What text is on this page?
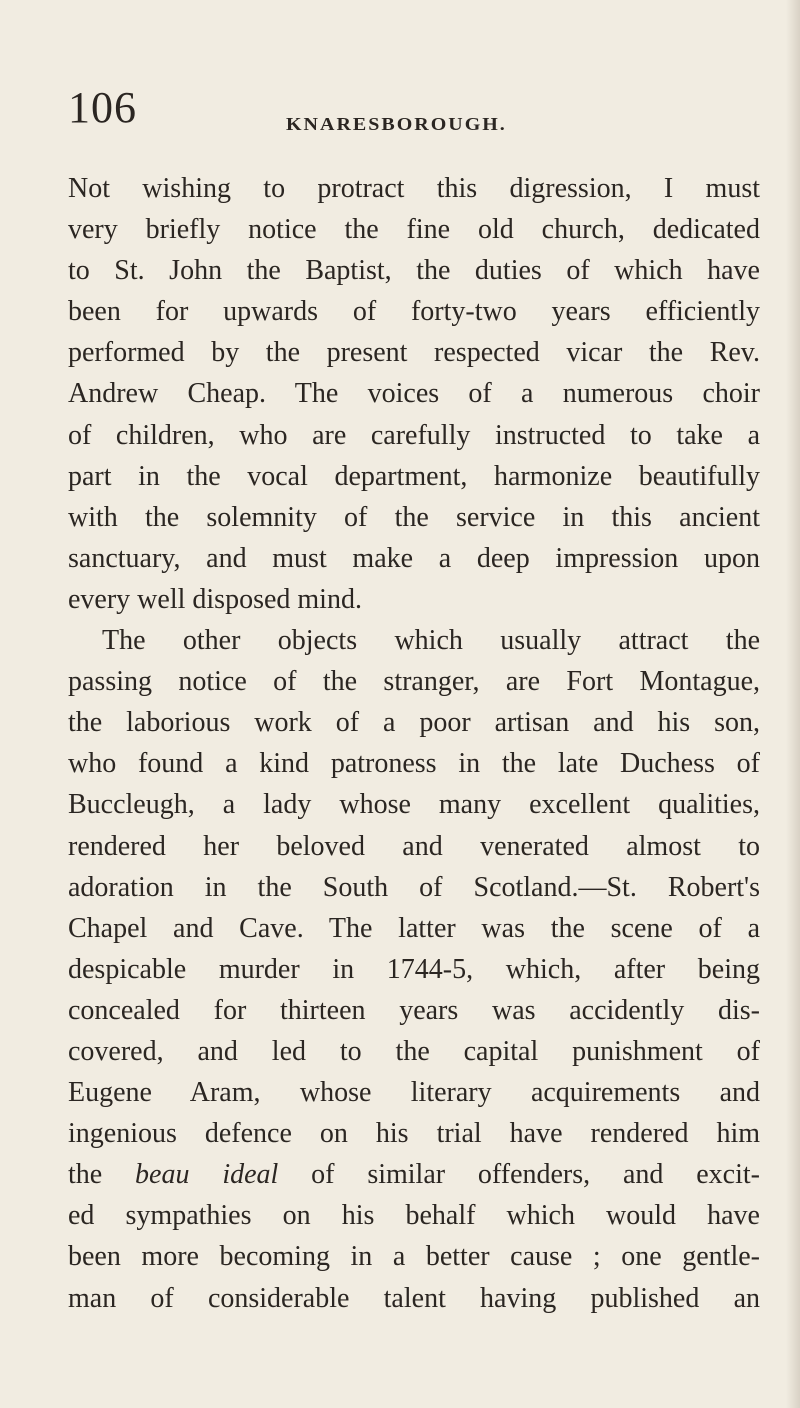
106	KNARESBOROUGH.
Not wishing to protract this digression, I must
very briefly notice the fine old church, dedicated
to St. John the Baptist, the duties of which have
been for upwards of forty-two years efficiently
performed by the present respected vicar the Rev.
Andrew Cheap. The voices of a numerous choir
of children, who are carefully instructed to take a
part in the vocal department, harmonize beautifully
with the solemnity of the service in this ancient
sanctuary, and must make a deep impression upon
every well disposed mind.
The other objects which usually attract the
passing notice of the stranger, are Fort Montague,
the laborious work of a poor artisan and his son,
who found a kind patroness in the late Duchess of
Buccleugh, a lady whose many excellent qualities,
rendered her beloved and venerated almost to
adoration in the South of Scotland.—St. Robert's
Chapel and Cave. The latter was the scene of a
despicable murder in 1744-5, which, after being
concealed for thirteen years was accidently dis-
covered, and led to the capital punishment of
Eugene Aram, whose literary acquirements and
ingenious defence on his trial have rendered him
the beau ideal of similar offenders, and excit-
ed sympathies on his behalf which would have
been more becoming in a better cause ; one gentle-
man of considerable talent having published an
